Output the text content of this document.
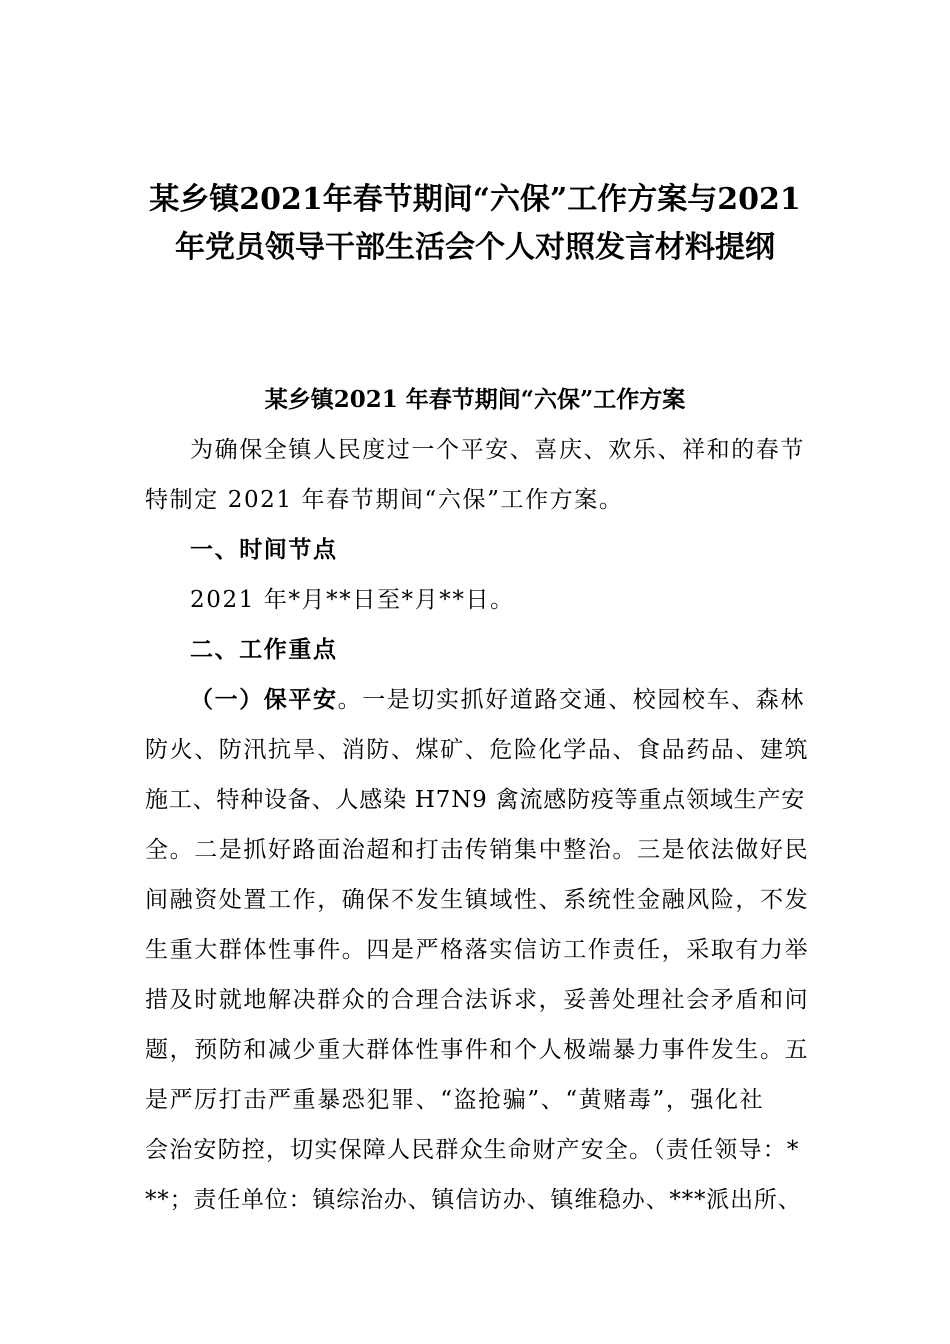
某乡镇2021年春节期间“六保”工作方案与2021
年党员领导干部生活会个人对照发言材料提纲
某乡镇2021 年春节期间“六保”工作方案
为确保全镇人民度过一个平安、喜庆、欢乐、祥和的春节
特制定 2021 年春节期间“六保”工作方案。
一、时间节点
2021 年*月**日至*月**日。
二、工作重点
（一）保平安。一是切实抓好道路交通、校园校车、森林
防火、防汛抗旱、消防、煤矿、危险化学品、食品药品、建筑
施工、特种设备、人感染 H7N9 禽流感防疫等重点领域生产安
全。二是抓好路面治超和打击传销集中整治。三是依法做好民
间融资处置工作，确保不发生镇域性、系统性金融风险，不发
生重大群体性事件。四是严格落实信访工作责任，采取有力举
措及时就地解决群众的合理合法诉求，妥善处理社会矛盾和问
题，预防和减少重大群体性事件和个人极端暴力事件发生。五
是严厉打击严重暴恐犯罪、“盗抢骗”、“黄赌毒”，强化社
会治安防控，切实保障人民群众生命财产安全。（责任领导：*
**；责任单位：镇综治办、镇信访办、镇维稳办、***派出所、
